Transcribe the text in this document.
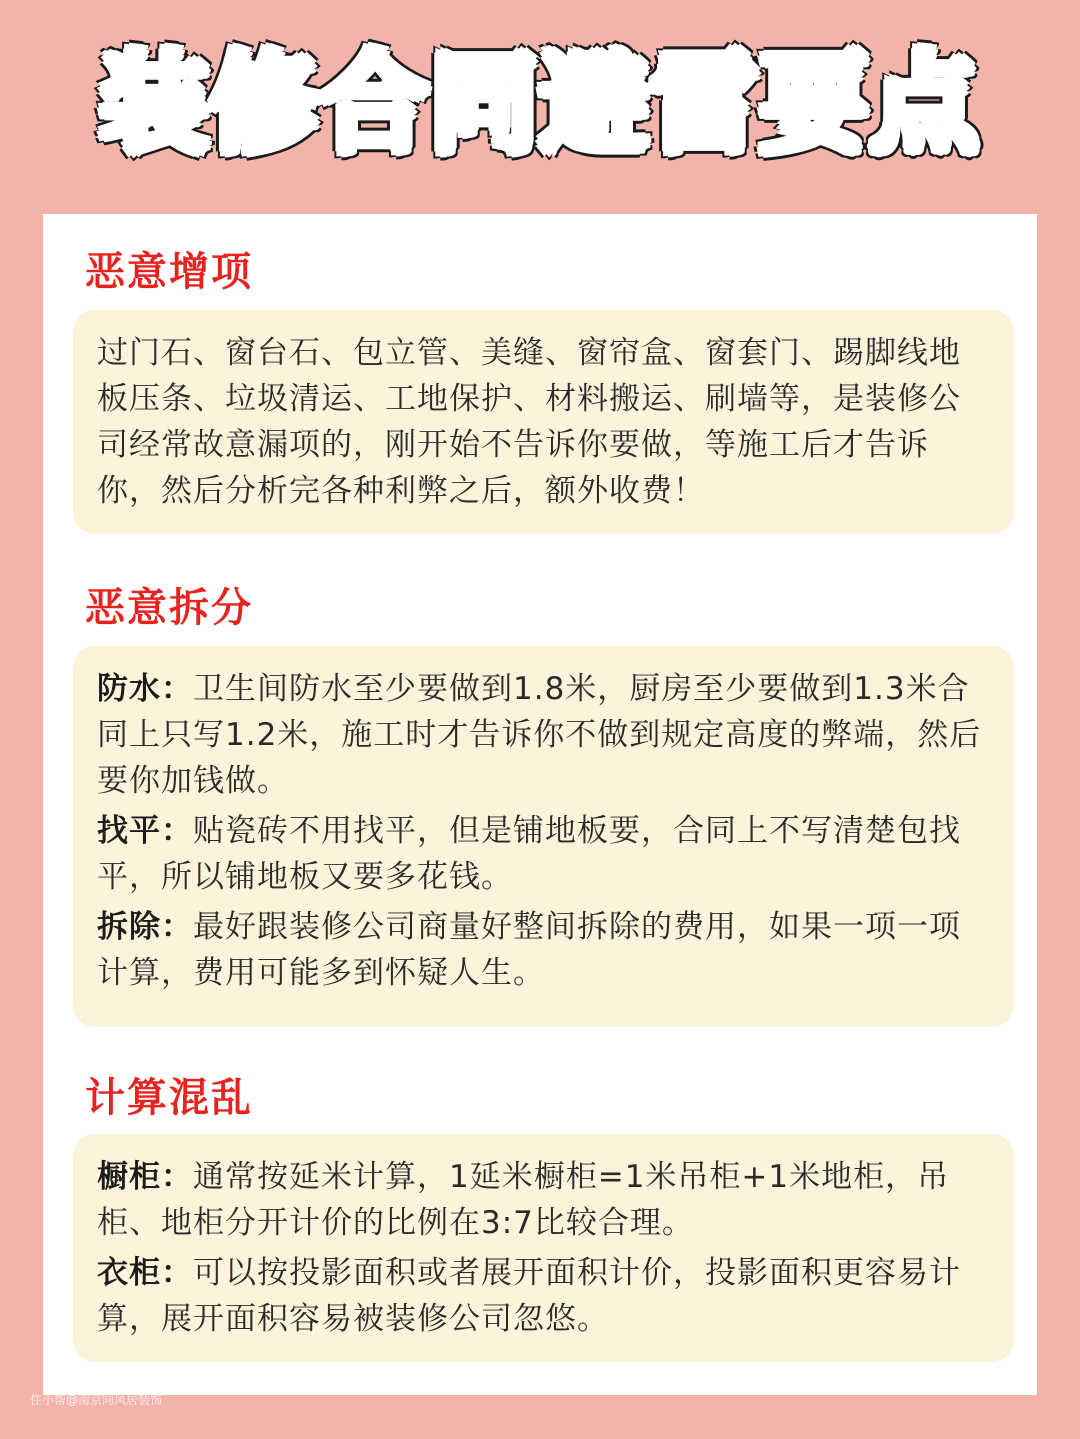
装修合同避雷要点
恶意增项

过门石、窗台石、包立管、美缝、窗帘盒、窗套门、踢脚线地板压条、垃圾清运、工地保护、材料搬运、刷墙等，是装修公司经常故意漏项的，刚开始不告诉你要做，等施工后才告诉你，然后分析完各种利弊之后，额外收费！

恶意拆分

防水：卫生间防水至少要做到1.8米，厨房至少要做到1.3米合同上只写1.2米，施工时才告诉你不做到规定高度的弊端，然后要你加钱做。

找平：贴瓷砖不用找平，但是铺地板要，合同上不写清楚包找平，所以铺地板又要多花钱。

拆除：最好跟装修公司商量好整间拆除的费用，如果一项一项计算，费用可能多到怀疑人生。

计算混乱

橱柜：通常按延米计算，1延米橱柜=1米吊柜+1米地柜，吊柜、地柜分开计价的比例在3:7比较合理。

衣柜：可以按投影面积或者展开面积计价，投影面积更容易计算，展开面积容易被装修公司忽悠。

住小帮@南京同风居装饰
